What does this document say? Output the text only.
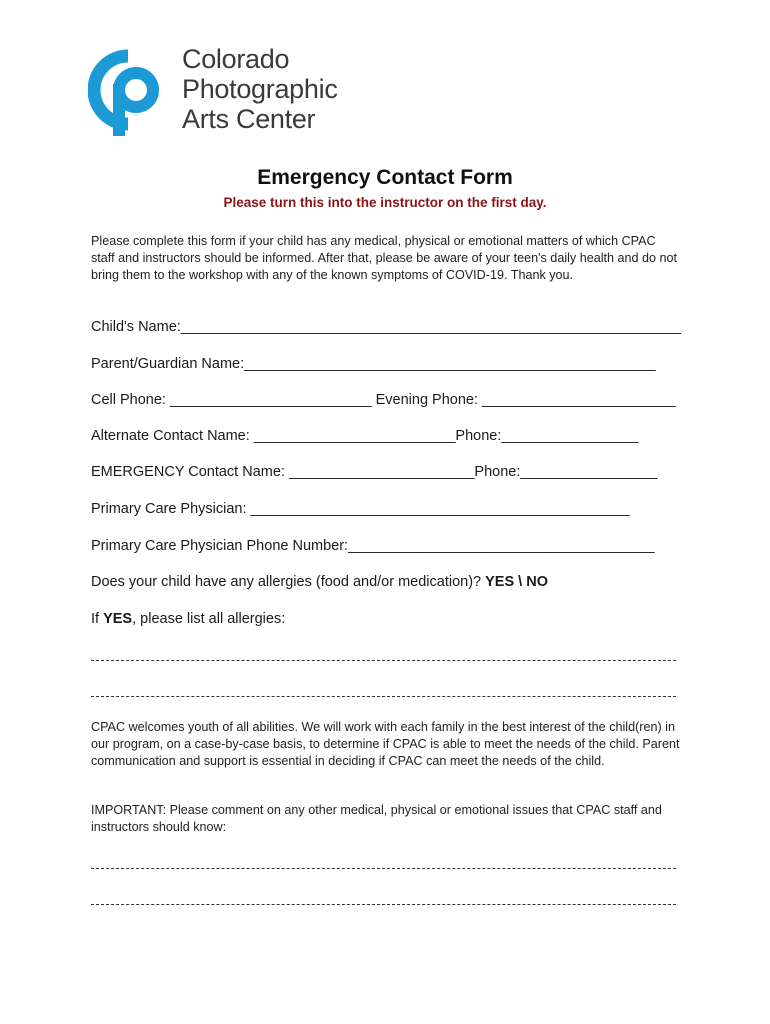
Colorado
Photographic
Arts Center
Emergency Contact Form
Please turn this into the instructor on the first day.
Please complete this form if your child has any medical, physical or emotional matters of which CPAC staff and instructors should be informed. After that, please be aware of your teen's daily health and do not bring them to the workshop with any of the known symptoms of COVID-19. Thank you.
Child's Name:______________________________________________________________
Parent/Guardian Name:___________________________________________________
Cell Phone: _________________________ Evening Phone: ________________________
Alternate Contact Name: _________________________Phone:_________________
EMERGENCY Contact Name: _______________________Phone:_________________
Primary Care Physician: _______________________________________________
Primary Care Physician Phone Number:______________________________________
Does your child have any allergies (food and/or medication)? YES \ NO
If YES, please list all allergies:
CPAC welcomes youth of all abilities. We will work with each family in the best interest of the child(ren) in our program, on a case-by-case basis, to determine if CPAC is able to meet the needs of the child. Parent communication and support is essential in deciding if CPAC can meet the needs of the child.
IMPORTANT: Please comment on any other medical, physical or emotional issues that CPAC staff and instructors should know:
